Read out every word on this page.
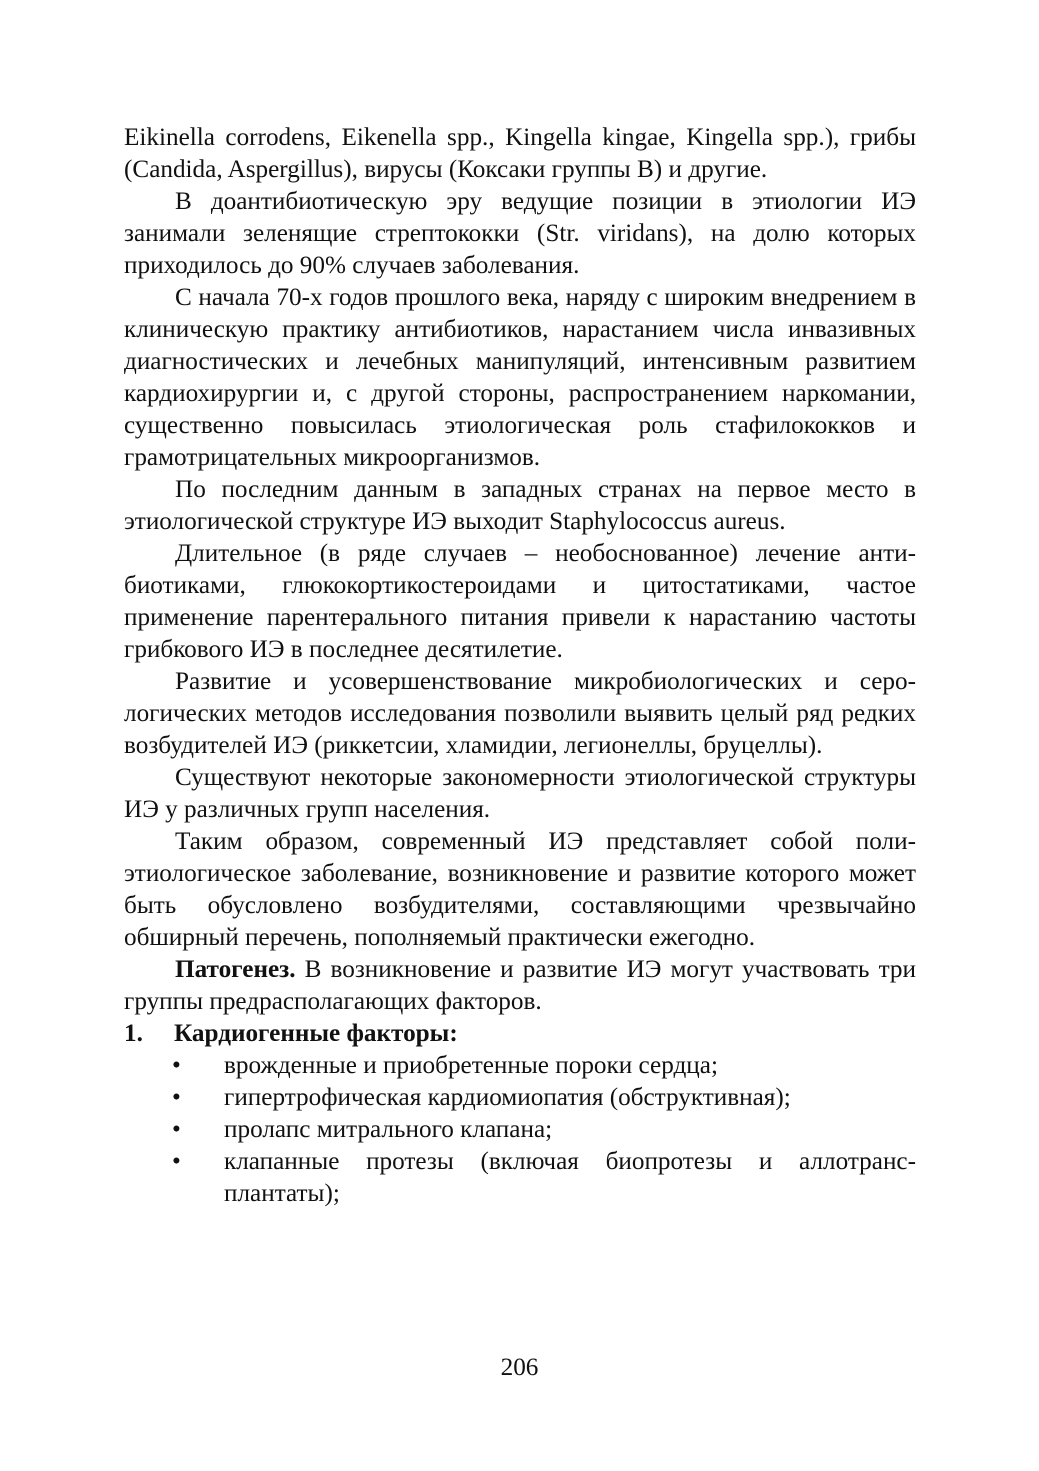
Eikinella corrodens, Eikenella spp., Kingella kingae, Kingella spp.), грибы (Candida, Aspergillus), вирусы (Коксаки группы В) и другие.

В доантибиотическую эру ведущие позиции в этиологии ИЭ занимали зеленящие стрептококки (Str. viridans), на долю которых приходилось до 90% случаев заболевания.

С начала 70-х годов прошлого века, наряду с широким внедрением в клиническую практику антибиотиков, нарастанием числа инвазивных диагностических и лечебных манипуляций, интенсивным развитием кардиохирургии и, с другой стороны, распространением наркомании, существенно повысилась этиологическая роль стафилококков и грамотрицательных микроорганизмов.

По последним данным в западных странах на первое место в этиологической структуре ИЭ выходит Staphylococcus aureus.

Длительное (в ряде случаев – необоснованное) лечение антибиотиками, глюкокортикостероидами и цитостатиками, частое применение парентерального питания привели к нарастанию частоты грибкового ИЭ в последнее десятилетие.

Развитие и усовершенствование микробиологических и серологических методов исследования позволили выявить целый ряд редких возбудителей ИЭ (риккетсии, хламидии, легионеллы, бруцеллы).

Существуют некоторые закономерности этиологической структуры ИЭ у различных групп населения.

Таким образом, современный ИЭ представляет собой полиэтиологическое заболевание, возникновение и развитие которого может быть обусловлено возбудителями, составляющими чрезвычайно обширный перечень, пополняемый практически ежегодно.

Патогенез. В возникновение и развитие ИЭ могут участвовать три группы предрасполагающих факторов.

1.	Кардиогенные факторы:
•	врожденные и приобретенные пороки сердца;
•	гипертрофическая кардиомиопатия (обструктивная);
•	пролапс митрального клапана;
•	клапанные протезы (включая биопротезы и аллотрансплантаты);
206
